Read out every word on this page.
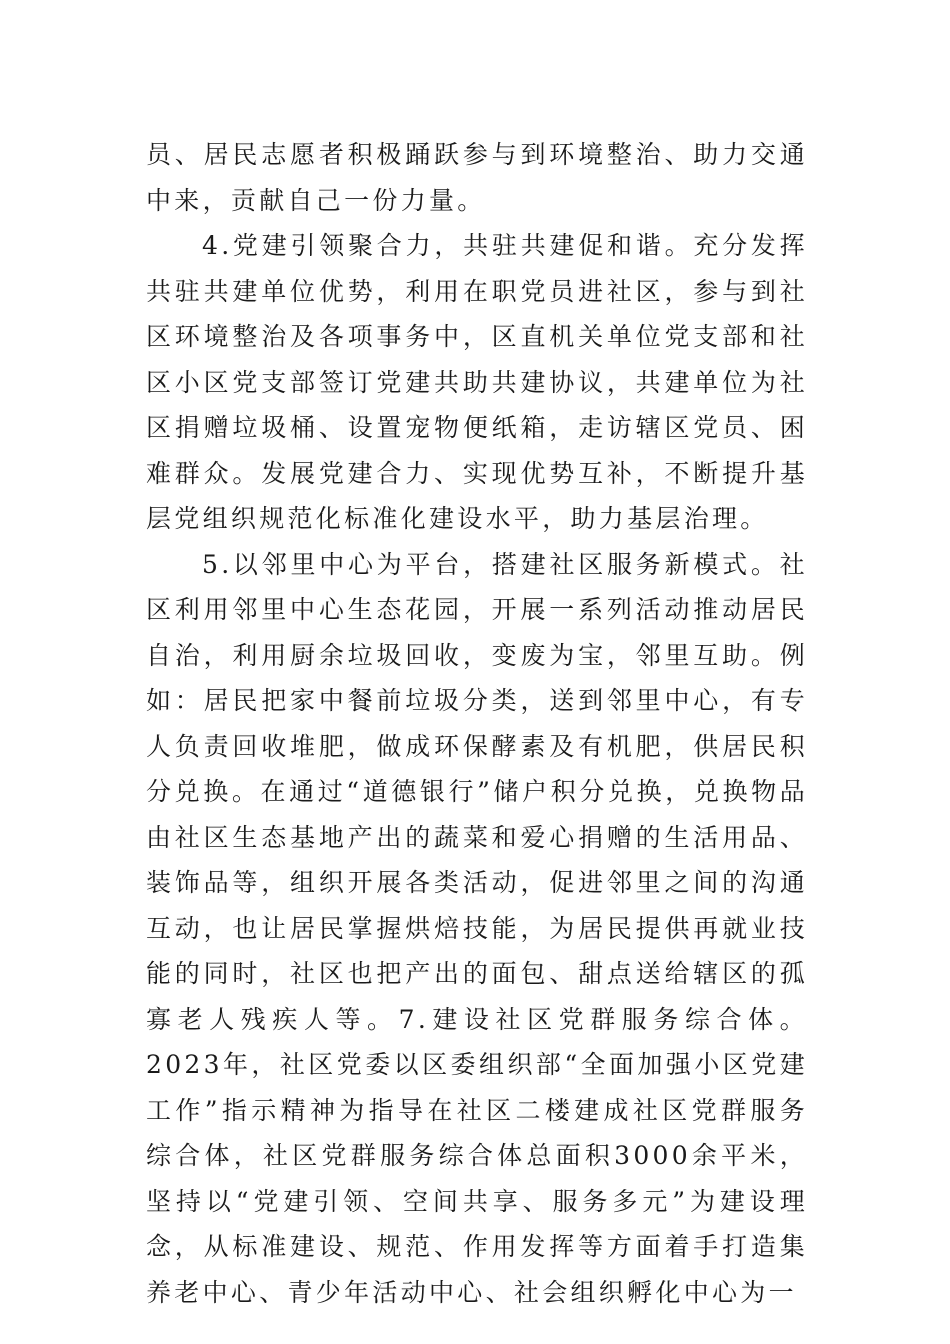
员、居民志愿者积极踊跃参与到环境整治、助力交通中来，贡献自己一份力量。

4.党建引领聚合力，共驻共建促和谐。充分发挥共驻共建单位优势，利用在职党员进社区，参与到社区环境整治及各项事务中，区直机关单位党支部和社区小区党支部签订党建共助共建协议，共建单位为社区捐赠垃圾桶、设置宠物便纸箱，走访辖区党员、困难群众。发展党建合力、实现优势互补，不断提升基层党组织规范化标准化建设水平，助力基层治理。

5.以邻里中心为平台，搭建社区服务新模式。社区利用邻里中心生态花园，开展一系列活动推动居民自治，利用厨余垃圾回收，变废为宝，邻里互助。例如：居民把家中餐前垃圾分类，送到邻里中心，有专人负责回收堆肥，做成环保酵素及有机肥，供居民积分兑换。在通过“道德银行”储户积分兑换，兑换物品由社区生态基地产出的蔬菜和爱心捐赠的生活用品、装饰品等，组织开展各类活动，促进邻里之间的沟通互动，也让居民掌握烘焙技能，为居民提供再就业技能的同时，社区也把产出的面包、甜点送给辖区的孤寡老人残疾人等。7.建设社区党群服务综合体。2023年，社区党委以区委组织部“全面加强小区党建工作”指示精神为指导在社区二楼建成社区党群服务综合体，社区党群服务综合体总面积3000余平米，坚持以“党建引领、空间共享、服务多元”为建设理念，从标准建设、规范、作用发挥等方面着手打造集养老中心、青少年活动中心、社会组织孵化中心为一
